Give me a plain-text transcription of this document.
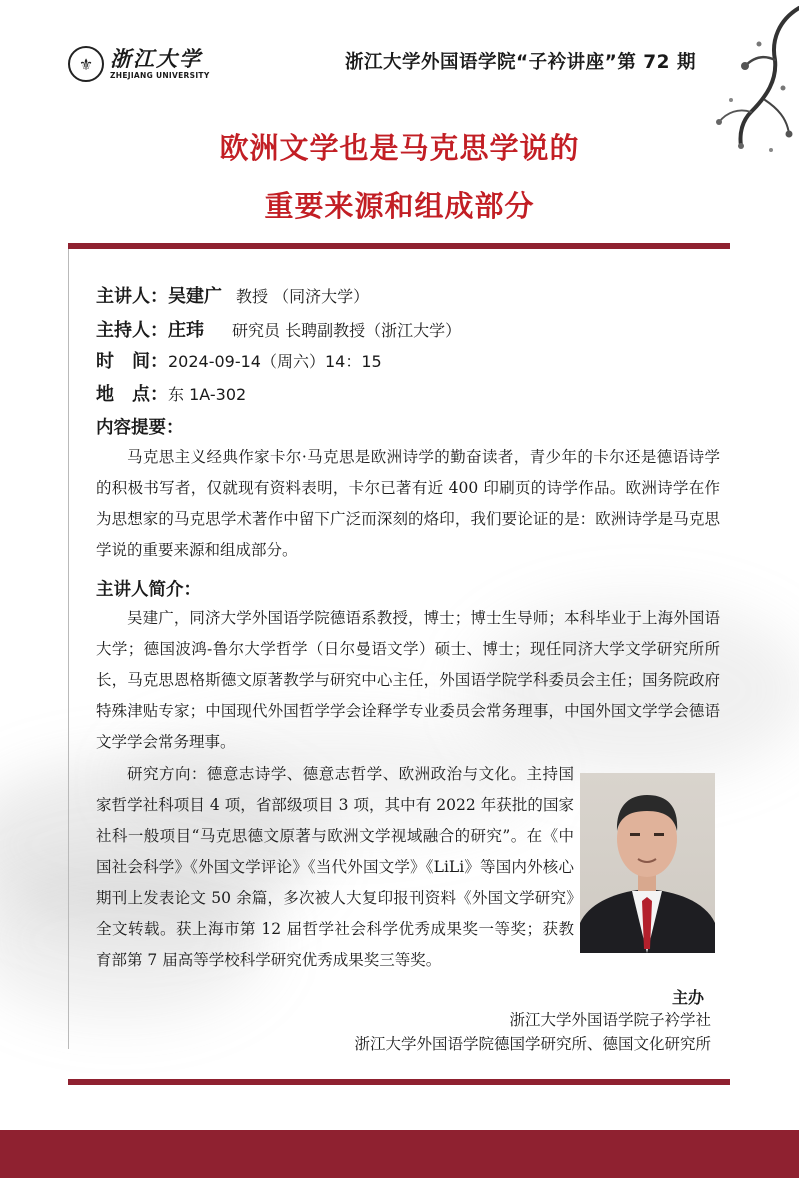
⚜ 浙江大学
ZHEJIANG UNIVERSITY
浙江大学外国语学院“子衿讲座”第 72 期
欧洲文学也是马克思学说的
重要来源和组成部分
主讲人：吴建广 教授 （同济大学）
主持人：庄玮 研究员 长聘副教授（浙江大学）
时　间：2024-09-14（周六）14：15
地　点：东 1A-302
内容提要：

马克思主义经典作家卡尔·马克思是欧洲诗学的勤奋读者，青少年的卡尔还是德语诗学的积极书写者，仅就现有资料表明，卡尔已著有近 400 印刷页的诗学作品。欧洲诗学在作为思想家的马克思学术著作中留下广泛而深刻的烙印，我们要论证的是：欧洲诗学是马克思学说的重要来源和组成部分。

主讲人简介：

吴建广，同济大学外国语学院德语系教授，博士；博士生导师；本科毕业于上海外国语大学；德国波鸿-鲁尔大学哲学（日尔曼语文学）硕士、博士；现任同济大学文学研究所所长，马克思恩格斯德文原著教学与研究中心主任，外国语学院学科委员会主任；国务院政府特殊津贴专家；中国现代外国哲学学会诠释学专业委员会常务理事，中国外国文学学会德语文学学会常务理事。

研究方向：德意志诗学、德意志哲学、欧洲政治与文化。主持国家哲学社科项目 4 项，省部级项目 3 项，其中有 2022 年获批的国家社科一般项目“马克思德文原著与欧洲文学视域融合的研究”。在《中国社会科学》《外国文学评论》《当代外国文学》《LiLi》等国内外核心期刊上发表论文 50 余篇，多次被人大复印报刊资料《外国文学研究》全文转载。获上海市第 12 届哲学社会科学优秀成果奖一等奖；获教育部第 7 届高等学校科学研究优秀成果奖三等奖。

主办
浙江大学外国语学院子衿学社
浙江大学外国语学院德国学研究所、德国文化研究所
